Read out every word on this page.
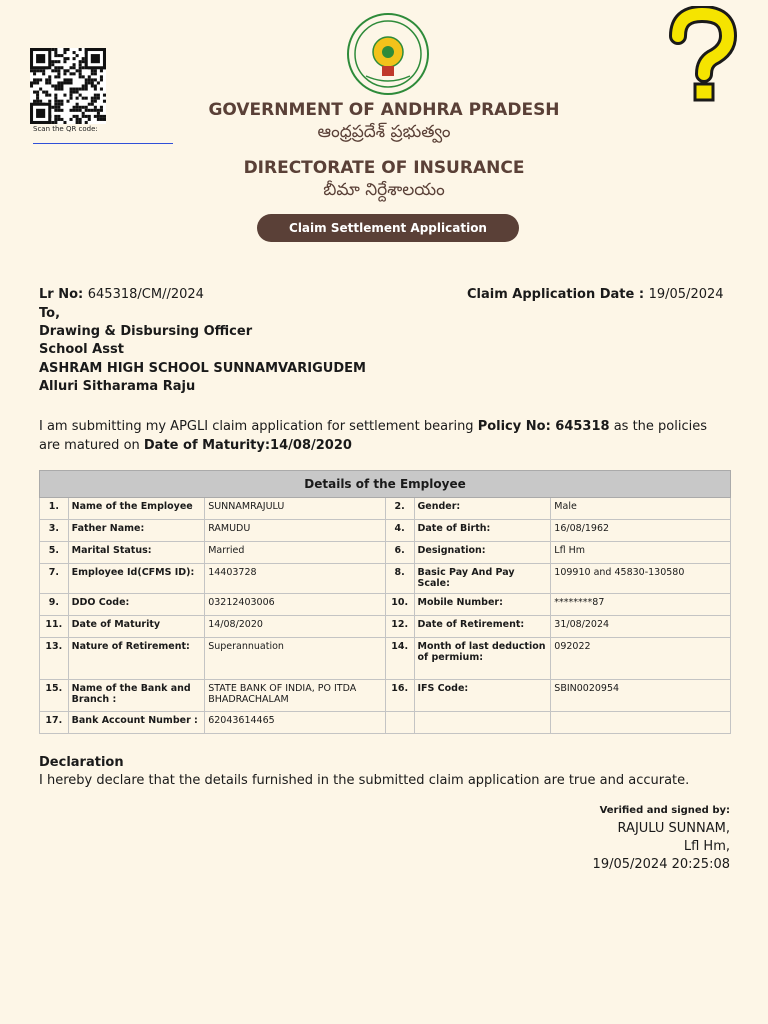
Scan the QR code:
GOVERNMENT OF ANDHRA PRADESH
ఆంధ్రప్రదేశ్ ప్రభుత్వం
DIRECTORATE OF INSURANCE
బీమా నిర్దేశాలయం
Claim Settlement Application
Lr No: 645318/CM//2024	Claim Application Date : 19/05/2024
To,
Drawing & Disbursing Officer
School Asst
ASHRAM HIGH SCHOOL SUNNAMVARIGUDEM
Alluri Sitharama Raju
I am submitting my APGLI claim application for settlement bearing Policy No: 645318 as the policies are matured on Date of Maturity:14/08/2020
Details of the Employee					
1.	Name of the Employee	SUNNAMRAJULU	2.	Gender:	Male
3.	Father Name:	RAMUDU	4.	Date of Birth:	16/08/1962
5.	Marital Status:	Married	6.	Designation:	Lfl Hm
7.	Employee Id(CFMS ID):	14403728	8.	Basic Pay And Pay Scale:	109910 and 45830-130580
9.	DDO Code:	03212403006	10.	Mobile Number:	********87
11.	Date of Maturity	14/08/2020	12.	Date of Retirement:	31/08/2024
13.	Nature of Retirement:	Superannuation	14.	Month of last deduction of permium:	092022
15.	Name of the Bank and Branch :	STATE BANK OF INDIA, PO ITDA BHADRACHALAM	16.	IFS Code:	SBIN0020954
17.	Bank Account Number :	62043614465			
Declaration
I hereby declare that the details furnished in the submitted claim application are true and accurate.
Verified and signed by:
RAJULU SUNNAM,
Lfl Hm,
19/05/2024 20:25:08
